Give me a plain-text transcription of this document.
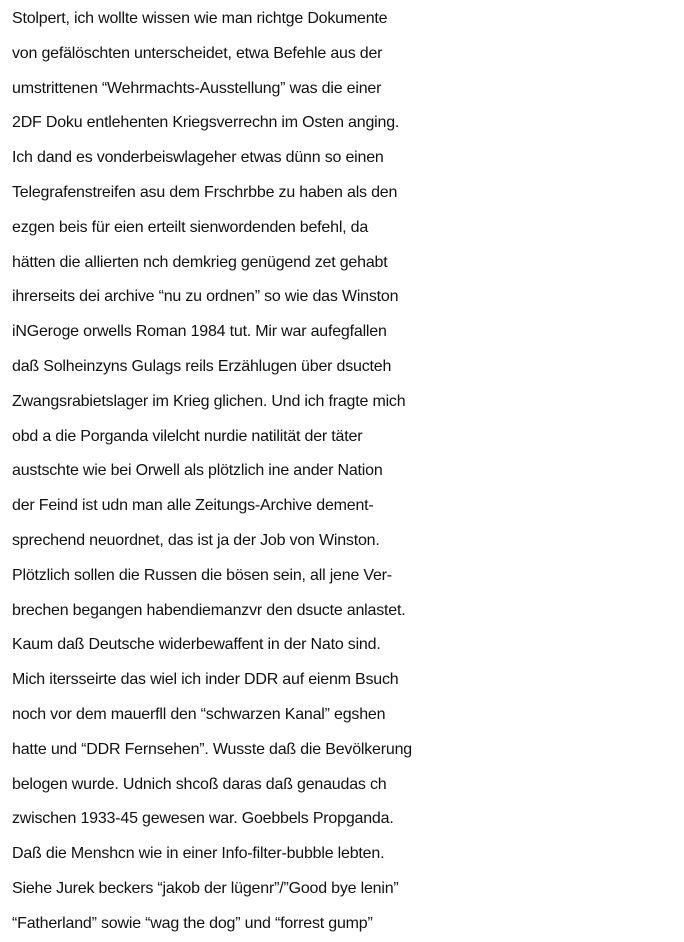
Stolpert, ich wollte wissen wie man richtge Dokumente
von gefälöschten unterscheidet, etwa Befehle aus der
umstrittenen “Wehrmachts-Ausstellung” was die einer
2DF Doku entlehenten Kriegsverrechn im Osten anging.
Ich dand es vonderbeiswlageher etwas dünn so einen
Telegrafenstreifen asu dem Frschrbbe zu haben als den
ezgen beis für eien erteilt sienwordenden befehl, da
hätten die allierten nch demkrieg genügend zet gehabt
ihrerseits dei archive “nu zu ordnen” so wie das Winston
iNGeroge orwells Roman 1984 tut. Mir war aufegfallen
daß Solheinzyns Gulags reils Erzählugen über dsucteh
Zwangsrabietslager im Krieg glichen. Und ich fragte mich
obd a die Porganda vilelcht nurdie natilität der täter
austschte wie bei Orwell als plötzlich ine ander Nation
der Feind ist udn man alle Zeitungs-Archive dement-
sprechend neuordnet, das ist ja der Job von Winston.
Plötzlich sollen die Russen die bösen sein, all jene Ver-
brechen begangen habendiemanzvr den dsucte anlastet.
Kaum daß Deutsche widerbewaffent in der Nato sind.
Mich itersseirte das wiel ich inder DDR auf eienm Bsuch
noch vor dem mauerfll den “schwarzen Kanal” egshen
hatte und “DDR Fernsehen”. Wusste daß die Bevölkerung
belogen wurde. Udnich shcoß daras daß genaudas ch
zwischen 1933-45 gewesen war. Goebbels Propganda.
Daß die Menshcn wie in einer Info-filter-bubble lebten.
Siehe Jurek beckers “jakob der lügenr”/”Good bye lenin”
“Fatherland” sowie “wag the dog” und “forrest gump”
